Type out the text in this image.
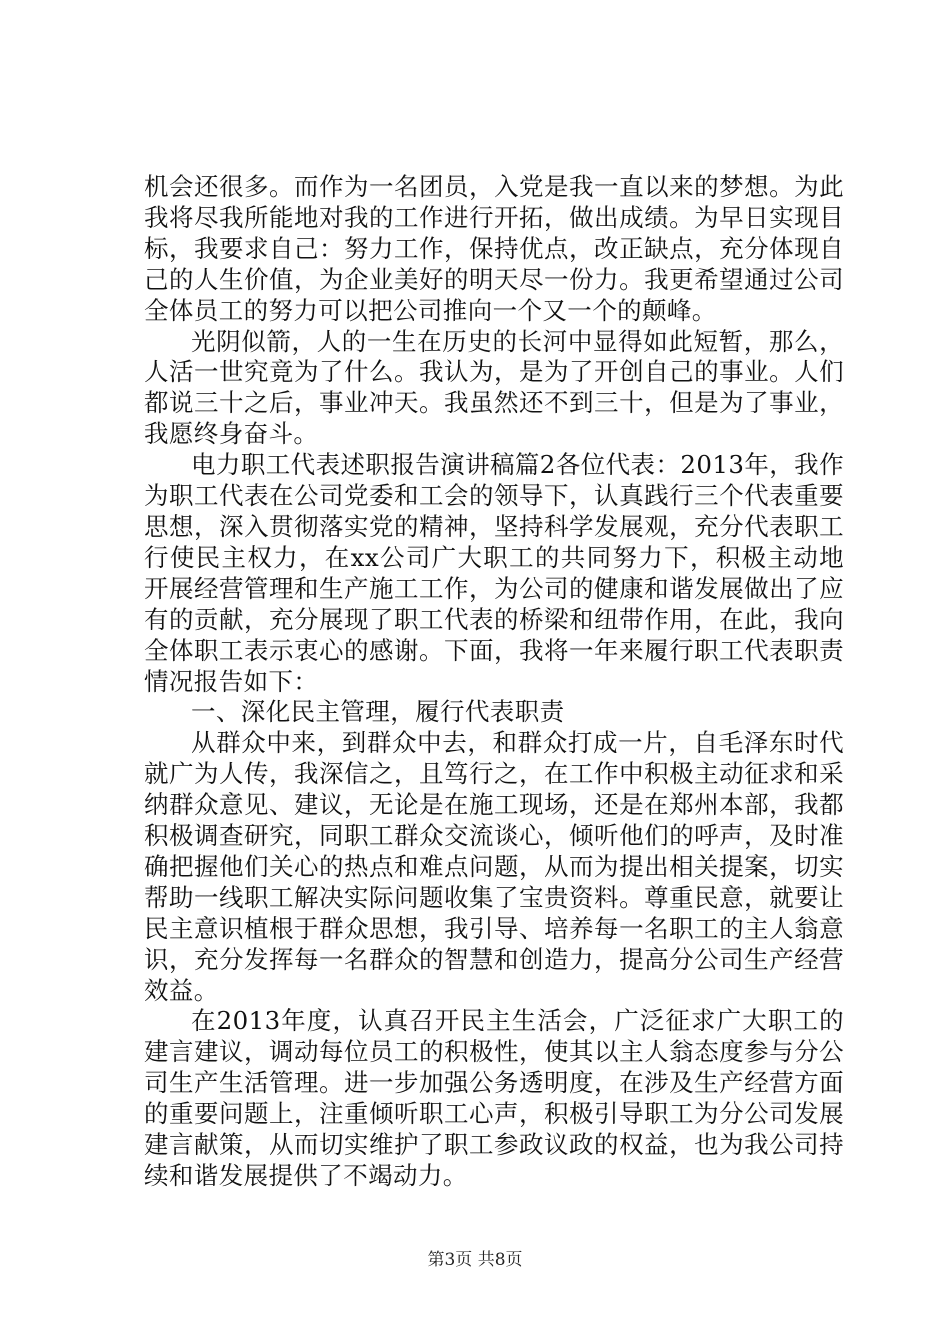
机会还很多。而作为一名团员，入党是我一直以来的梦想。为此我将尽我所能地对我的工作进行开拓，做出成绩。为早日实现目标，我要求自己：努力工作，保持优点，改正缺点，充分体现自己的人生价值，为企业美好的明天尽一份力。我更希望通过公司全体员工的努力可以把公司推向一个又一个的颠峰。

光阴似箭，人的一生在历史的长河中显得如此短暂，那么，人活一世究竟为了什么。我认为，是为了开创自己的事业。人们都说三十之后，事业冲天。我虽然还不到三十，但是为了事业，我愿终身奋斗。

电力职工代表述职报告演讲稿篇2各位代表：2013年，我作为职工代表在公司党委和工会的领导下，认真践行三个代表重要思想，深入贯彻落实党的精神，坚持科学发展观，充分代表职工行使民主权力，在xx公司广大职工的共同努力下，积极主动地开展经营管理和生产施工工作，为公司的健康和谐发展做出了应有的贡献，充分展现了职工代表的桥梁和纽带作用，在此，我向全体职工表示衷心的感谢。下面，我将一年来履行职工代表职责情况报告如下：

一、深化民主管理，履行代表职责

从群众中来，到群众中去，和群众打成一片，自毛泽东时代就广为人传，我深信之，且笃行之，在工作中积极主动征求和采纳群众意见、建议，无论是在施工现场，还是在郑州本部，我都积极调查研究，同职工群众交流谈心，倾听他们的呼声，及时准确把握他们关心的热点和难点问题，从而为提出相关提案，切实帮助一线职工解决实际问题收集了宝贵资料。尊重民意，就要让民主意识植根于群众思想，我引导、培养每一名职工的主人翁意识，充分发挥每一名群众的智慧和创造力，提高分公司生产经营效益。

在2013年度，认真召开民主生活会，广泛征求广大职工的建言建议，调动每位员工的积极性，使其以主人翁态度参与分公司生产生活管理。进一步加强公务透明度，在涉及生产经营方面的重要问题上，注重倾听职工心声，积极引导职工为分公司发展建言献策，从而切实维护了职工参政议政的权益，也为我公司持续和谐发展提供了不竭动力。

第3页 共8页
